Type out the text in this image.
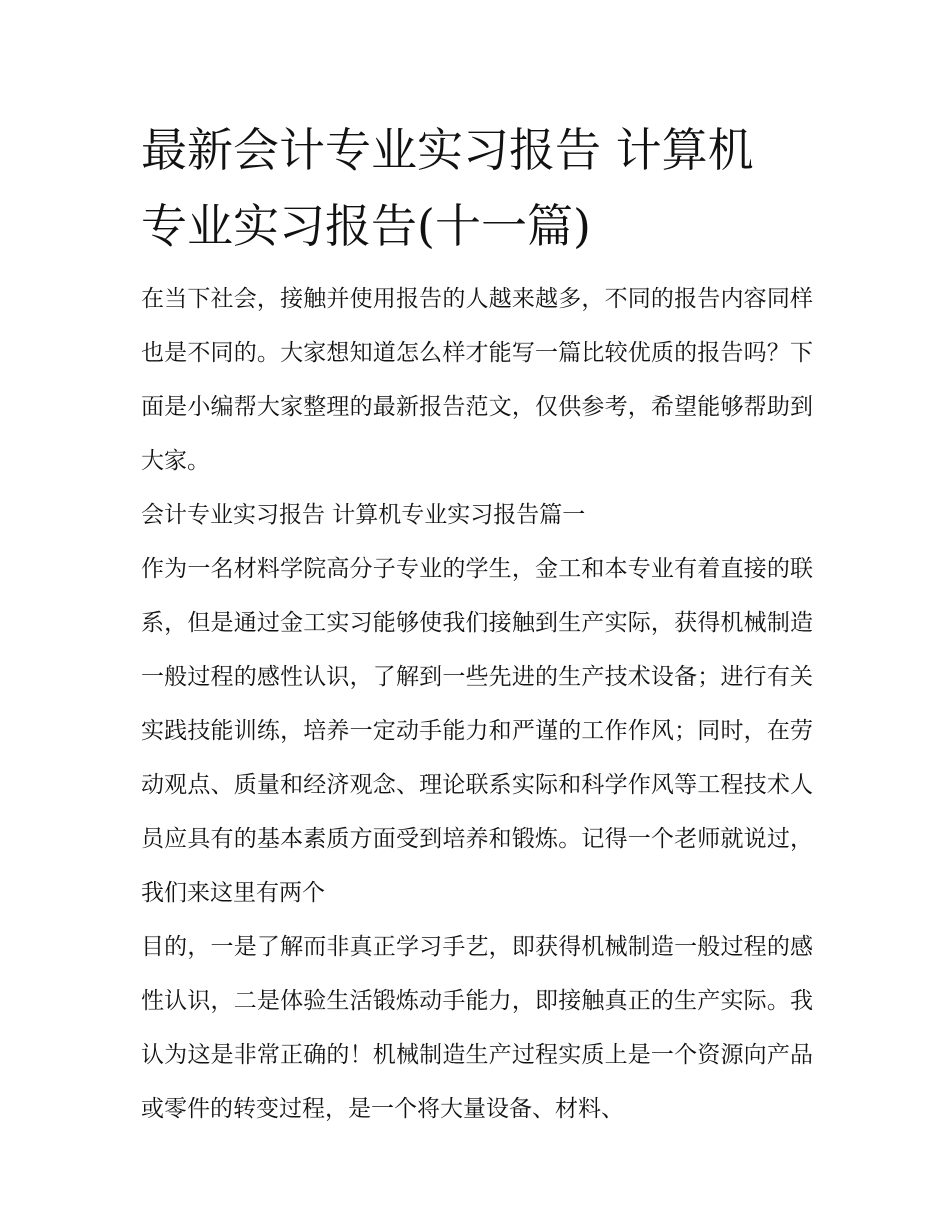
最新会计专业实习报告 计算机
专业实习报告(十一篇)

在当下社会，接触并使用报告的人越来越多，不同的报告内容同样也是不同的。大家想知道怎么样才能写一篇比较优质的报告吗？下面是小编帮大家整理的最新报告范文，仅供参考，希望能够帮助到大家。

会计专业实习报告 计算机专业实习报告篇一

作为一名材料学院高分子专业的学生，金工和本专业有着直接的联系，但是通过金工实习能够使我们接触到生产实际，获得机械制造一般过程的感性认识，了解到一些先进的生产技术设备；进行有关实践技能训练，培养一定动手能力和严谨的工作作风；同时，在劳动观点、质量和经济观念、理论联系实际和科学作风等工程技术人员应具有的基本素质方面受到培养和锻炼。记得一个老师就说过，我们来这里有两个

目的，一是了解而非真正学习手艺，即获得机械制造一般过程的感性认识，二是体验生活锻炼动手能力，即接触真正的生产实际。我认为这是非常正确的！机械制造生产过程实质上是一个资源向产品或零件的转变过程，是一个将大量设备、材料、
